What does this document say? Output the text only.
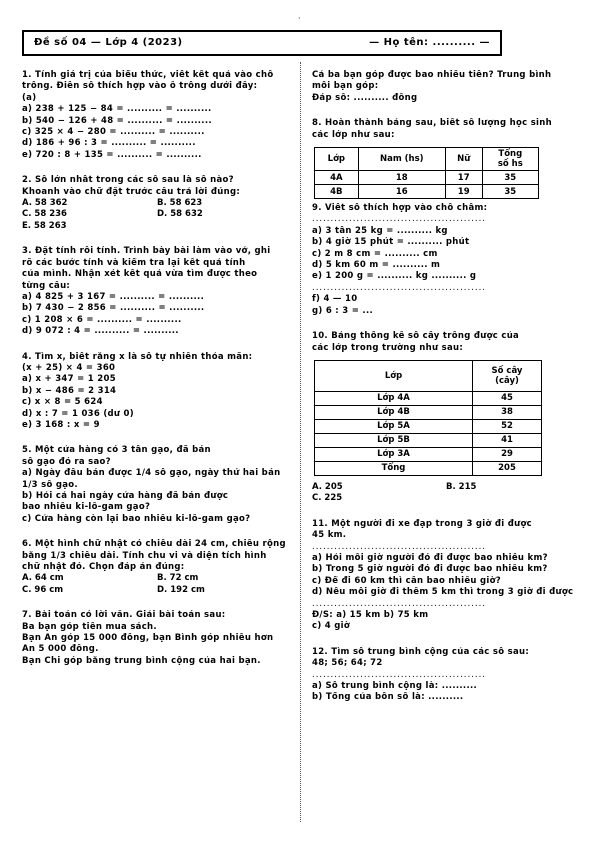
·
Đề số 04 — Lớp 4 (2023)	— Họ tên: .......... —
1. Tính giá trị của biểu thức, viết kết quả vào chỗ
trống. Điền số thích hợp vào ô trống dưới đây:
(a)
a) 238 + 125 − 84 = .......... = ..........
b) 540 − 126 + 48 = .......... = ..........
c) 325 × 4 − 280 = .......... = ..........
d) 186 + 96 : 3 = .......... = ..........
e) 720 : 8 + 135 = .......... = ..........
2. Số lớn nhất trong các số sau là số nào?
Khoanh vào chữ đặt trước câu trả lời đúng:
A. 58 362	B. 58 623
C. 58 236	D. 58 632
E. 58 263
3. Đặt tính rồi tính. Trình bày bài làm vào vở, ghi
rõ các bước tính và kiểm tra lại kết quả tính
của mình. Nhận xét kết quả vừa tìm được theo
từng câu:
a) 4 825 + 3 167 = .......... = ..........
b) 7 430 − 2 856 = .......... = ..........
c) 1 208 × 6 = .......... = ..........
d) 9 072 : 4 = .......... = ..........
4. Tìm x, biết rằng x là số tự nhiên thỏa mãn:
(x + 25) × 4 = 360
a) x + 347 = 1 205
b) x − 486 = 2 314
c) x × 8 = 5 624
d) x : 7 = 1 036 (dư 0)
e) 3 168 : x = 9
5. Một cửa hàng có 3 tấn gạo, đã bán
số gạo đó ra sao?
a) Ngày đầu bán được 1/4 số gạo, ngày thứ hai bán
1/3 số gạo.
b) Hỏi cả hai ngày cửa hàng đã bán được
bao nhiêu ki-lô-gam gạo?
c) Cửa hàng còn lại bao nhiêu ki-lô-gam gạo?
6. Một hình chữ nhật có chiều dài 24 cm, chiều rộng
bằng 1/3 chiều dài. Tính chu vi và diện tích hình
chữ nhật đó. Chọn đáp án đúng:
A. 64 cm	B. 72 cm
C. 96 cm	D. 192 cm
7. Bài toán có lời văn. Giải bài toán sau:
Ba bạn góp tiền mua sách.
Bạn An góp 15 000 đồng, bạn Bình góp nhiều hơn
An 5 000 đồng.
Bạn Chi góp bằng trung bình cộng của hai bạn.
Cả ba bạn góp được bao nhiêu tiền? Trung bình
mỗi bạn góp:
Đáp số: .......... đồng
8. Hoàn thành bảng sau, biết số lượng học sinh
các lớp như sau:
Lớp	Nam (hs)	Nữ	Tổng
số hs

4A	18	17	35
4B	16	19	35
9. Viết số thích hợp vào chỗ chấm:
...............................................
a) 3 tấn 25 kg = .......... kg
b) 4 giờ 15 phút = .......... phút
c) 2 m 8 cm = .......... cm
d) 5 km 60 m = .......... m
e) 1 200 g = .......... kg .......... g
...............................................
f) 4 — 10
g) 6 : 3 = ...
10. Bảng thống kê số cây trồng được của
các lớp trong trường như sau:
Lớp	Số cây
(cây)

Lớp 4A	45
Lớp 4B	38
Lớp 5A	52
Lớp 5B	41
Lớp 3A	29
Tổng	205
A. 205	B. 215
C. 225
11. Một người đi xe đạp trong 3 giờ đi được
45 km.
...............................................
a) Hỏi mỗi giờ người đó đi được bao nhiêu km?
b) Trong 5 giờ người đó đi được bao nhiêu km?
c) Để đi 60 km thì cần bao nhiêu giờ?
d) Nếu mỗi giờ đi thêm 5 km thì trong 3 giờ đi được
...............................................
Đ/S: a) 15 km b) 75 km
c) 4 giờ
12. Tìm số trung bình cộng của các số sau:
48; 56; 64; 72
...............................................
a) Số trung bình cộng là: ..........
b) Tổng của bốn số là: ..........
